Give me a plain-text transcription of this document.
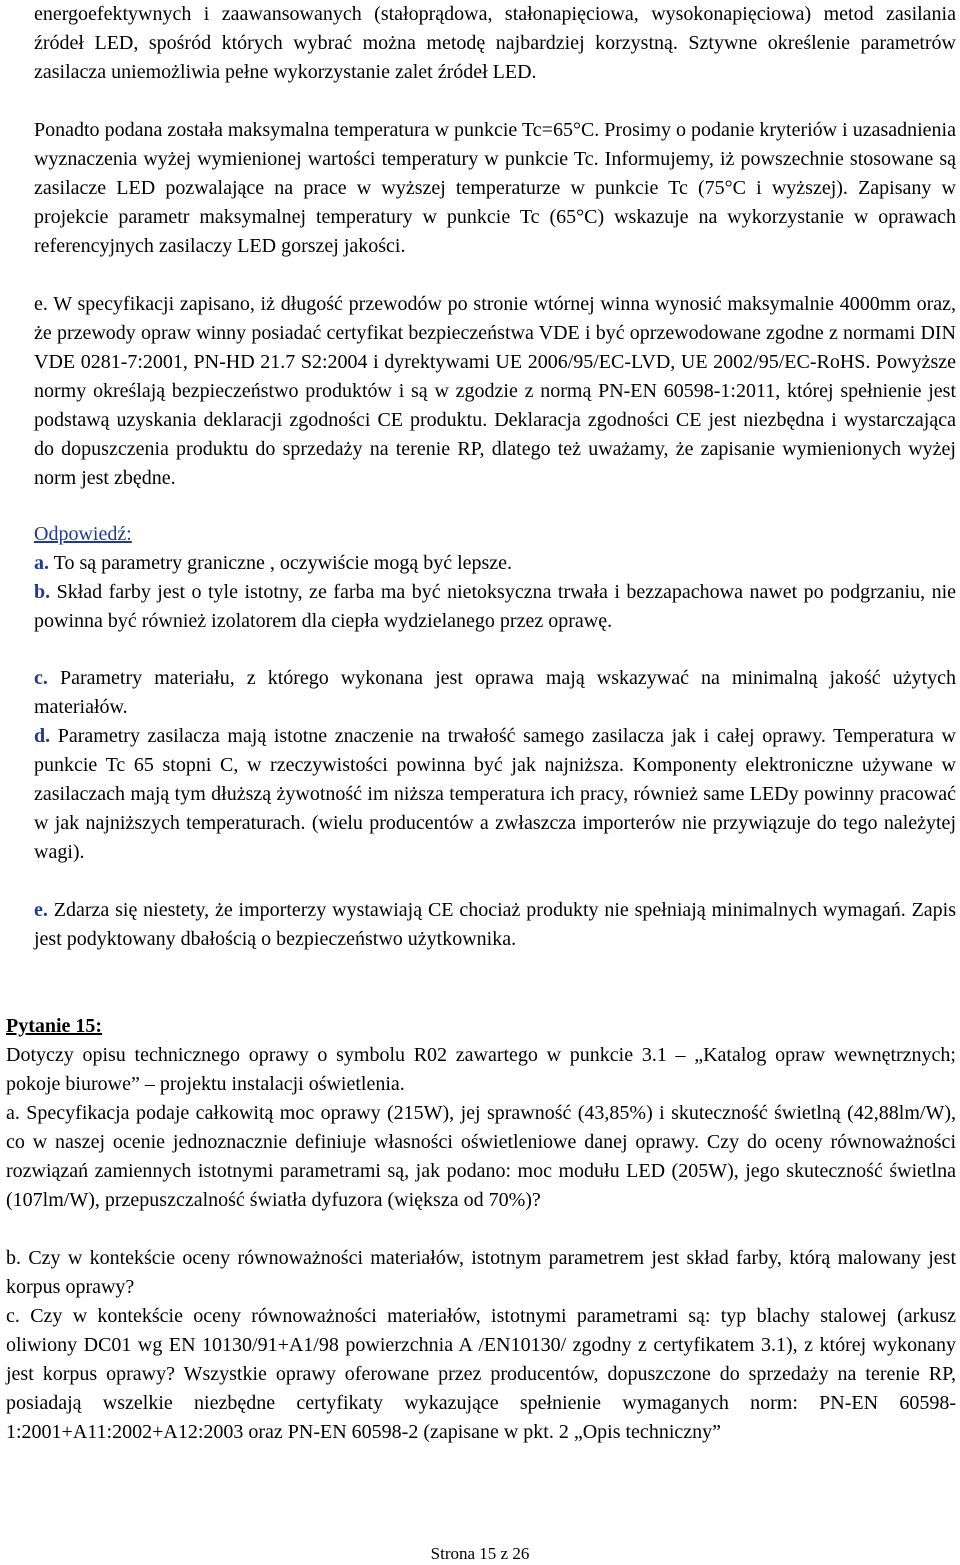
energoefektywnych i zaawansowanych (stałoprądowa, stałonapięciowa, wysokonapięciowa) metod zasilania źródeł LED, spośród których wybrać można metodę najbardziej korzystną. Sztywne określenie parametrów zasilacza uniemożliwia pełne wykorzystanie zalet źródeł LED.

Ponadto podana została maksymalna temperatura w punkcie Tc=65°C. Prosimy o podanie kryteriów i uzasadnienia wyznaczenia wyżej wymienionej wartości temperatury w punkcie Tc. Informujemy, iż powszechnie stosowane są zasilacze LED pozwalające na prace w wyższej temperaturze w punkcie Tc (75°C i wyższej). Zapisany w projekcie parametr maksymalnej temperatury w punkcie Tc (65°C) wskazuje na wykorzystanie w oprawach referencyjnych zasilaczy LED gorszej jakości.

e. W specyfikacji zapisano, iż długość przewodów po stronie wtórnej winna wynosić maksymalnie 4000mm oraz, że przewody opraw winny posiadać certyfikat bezpieczeństwa VDE i być oprzewodowane zgodne z normami DIN VDE 0281-7:2001, PN-HD 21.7 S2:2004 i dyrektywami UE 2006/95/EC-LVD, UE 2002/95/EC-RoHS. Powyższe normy określają bezpieczeństwo produktów i są w zgodzie z normą PN-EN 60598-1:2011, której spełnienie jest podstawą uzyskania deklaracji zgodności CE produktu. Deklaracja zgodności CE jest niezbędna i wystarczająca do dopuszczenia produktu do sprzedaży na terenie RP, dlatego też uważamy, że zapisanie wymienionych wyżej norm jest zbędne.

Odpowiedź:

a. To są parametry graniczne , oczywiście mogą być lepsze.

b. Skład farby jest o tyle istotny, ze farba ma być nietoksyczna trwała i bezzapachowa nawet po podgrzaniu, nie powinna być również izolatorem dla ciepła wydzielanego przez oprawę.

c. Parametry materiału, z którego wykonana jest oprawa mają wskazywać na minimalną jakość użytych materiałów.

d. Parametry zasilacza mają istotne znaczenie na trwałość samego zasilacza jak i całej oprawy. Temperatura w punkcie Tc 65 stopni C, w rzeczywistości powinna być jak najniższa. Komponenty elektroniczne używane w zasilaczach mają tym dłuższą żywotność im niższa temperatura ich pracy, również same LEDy powinny pracować w jak najniższych temperaturach. (wielu producentów a zwłaszcza importerów nie przywiązuje do tego należytej wagi).

e. Zdarza się niestety, że importerzy wystawiają CE chociaż produkty nie spełniają minimalnych wymagań. Zapis jest podyktowany dbałością o bezpieczeństwo użytkownika.

Pytanie 15:

Dotyczy opisu technicznego oprawy o symbolu R02 zawartego w punkcie 3.1 – „Katalog opraw wewnętrznych; pokoje biurowe” – projektu instalacji oświetlenia.

a. Specyfikacja podaje całkowitą moc oprawy (215W), jej sprawność (43,85%) i skuteczność świetlną (42,88lm/W), co w naszej ocenie jednoznacznie definiuje własności oświetleniowe danej oprawy. Czy do oceny równoważności rozwiązań zamiennych istotnymi parametrami są, jak podano: moc modułu LED (205W), jego skuteczność świetlna (107lm/W), przepuszczalność światła dyfuzora (większa od 70%)?

b. Czy w kontekście oceny równoważności materiałów, istotnym parametrem jest skład farby, którą malowany jest korpus oprawy?

c. Czy w kontekście oceny równoważności materiałów, istotnymi parametrami są: typ blachy stalowej (arkusz oliwiony DC01 wg EN 10130/91+A1/98 powierzchnia A /EN10130/ zgodny z certyfikatem 3.1), z której wykonany jest korpus oprawy? Wszystkie oprawy oferowane przez producentów, dopuszczone do sprzedaży na terenie RP, posiadają wszelkie niezbędne certyfikaty wykazujące spełnienie wymaganych norm: PN-EN 60598-1:2001+A11:2002+A12:2003 oraz PN-EN 60598-2 (zapisane w pkt. 2 „Opis techniczny”

Strona 15 z 26
